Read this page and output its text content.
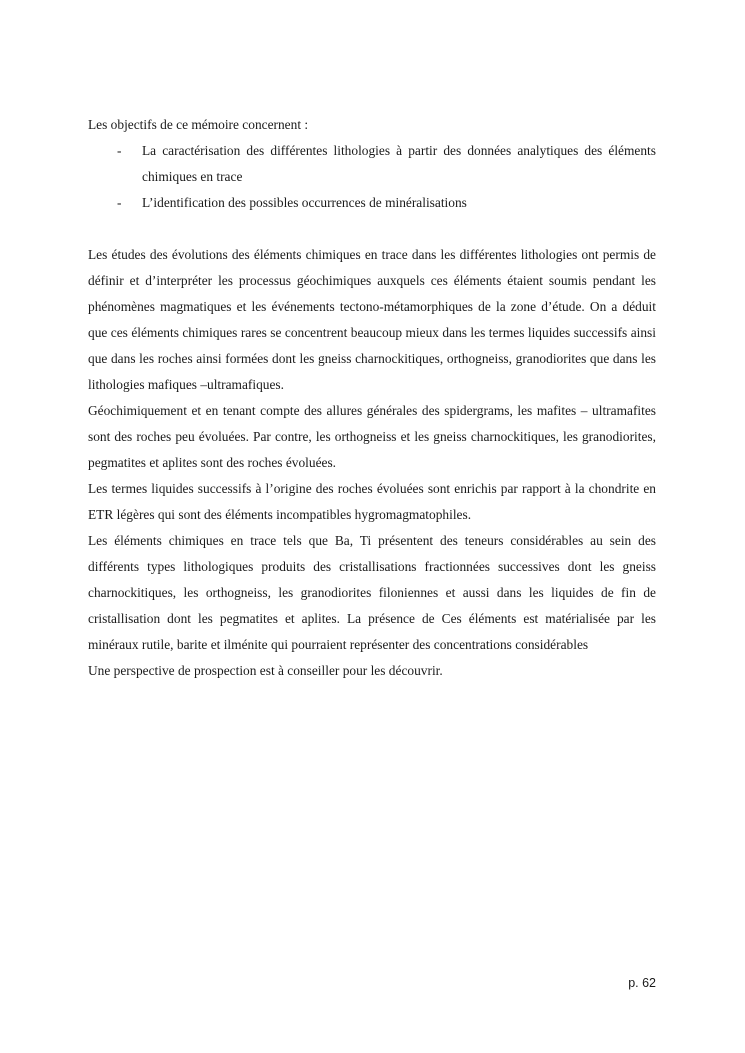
Les objectifs de ce mémoire concernent :

- La caractérisation des différentes lithologies à partir des données analytiques des éléments chimiques en trace
- L’identification des possibles occurrences de minéralisations

Les études des évolutions des éléments chimiques en trace dans les différentes lithologies ont permis de définir et d’interpréter les processus géochimiques auxquels ces éléments étaient soumis pendant les phénomènes magmatiques et les événements tectono-métamorphiques de la zone d’étude. On a déduit que ces éléments chimiques rares se concentrent beaucoup mieux dans les termes liquides successifs ainsi que dans les roches ainsi formées dont les gneiss charnockitiques, orthogneiss, granodiorites que dans les lithologies mafiques –ultramafiques.

Géochimiquement et en tenant compte des allures générales des spidergrams, les mafites – ultramafites sont des roches peu évoluées. Par contre, les orthogneiss et les gneiss charnockitiques, les granodiorites, pegmatites et aplites sont des roches évoluées.

Les termes liquides successifs à l’origine des roches évoluées sont enrichis par rapport à la chondrite en ETR légères qui sont des éléments incompatibles hygromagmatophiles.

Les éléments chimiques en trace tels que Ba, Ti présentent des teneurs considérables au sein des différents types lithologiques produits des cristallisations fractionnées successives dont les gneiss charnockitiques, les orthogneiss, les granodiorites filoniennes et aussi dans les liquides de fin de cristallisation dont les pegmatites et aplites. La présence de Ces éléments est matérialisée par les minéraux rutile, barite et ilménite qui pourraient représenter des concentrations considérables

Une perspective de prospection est à conseiller pour les découvrir.

p. 62
